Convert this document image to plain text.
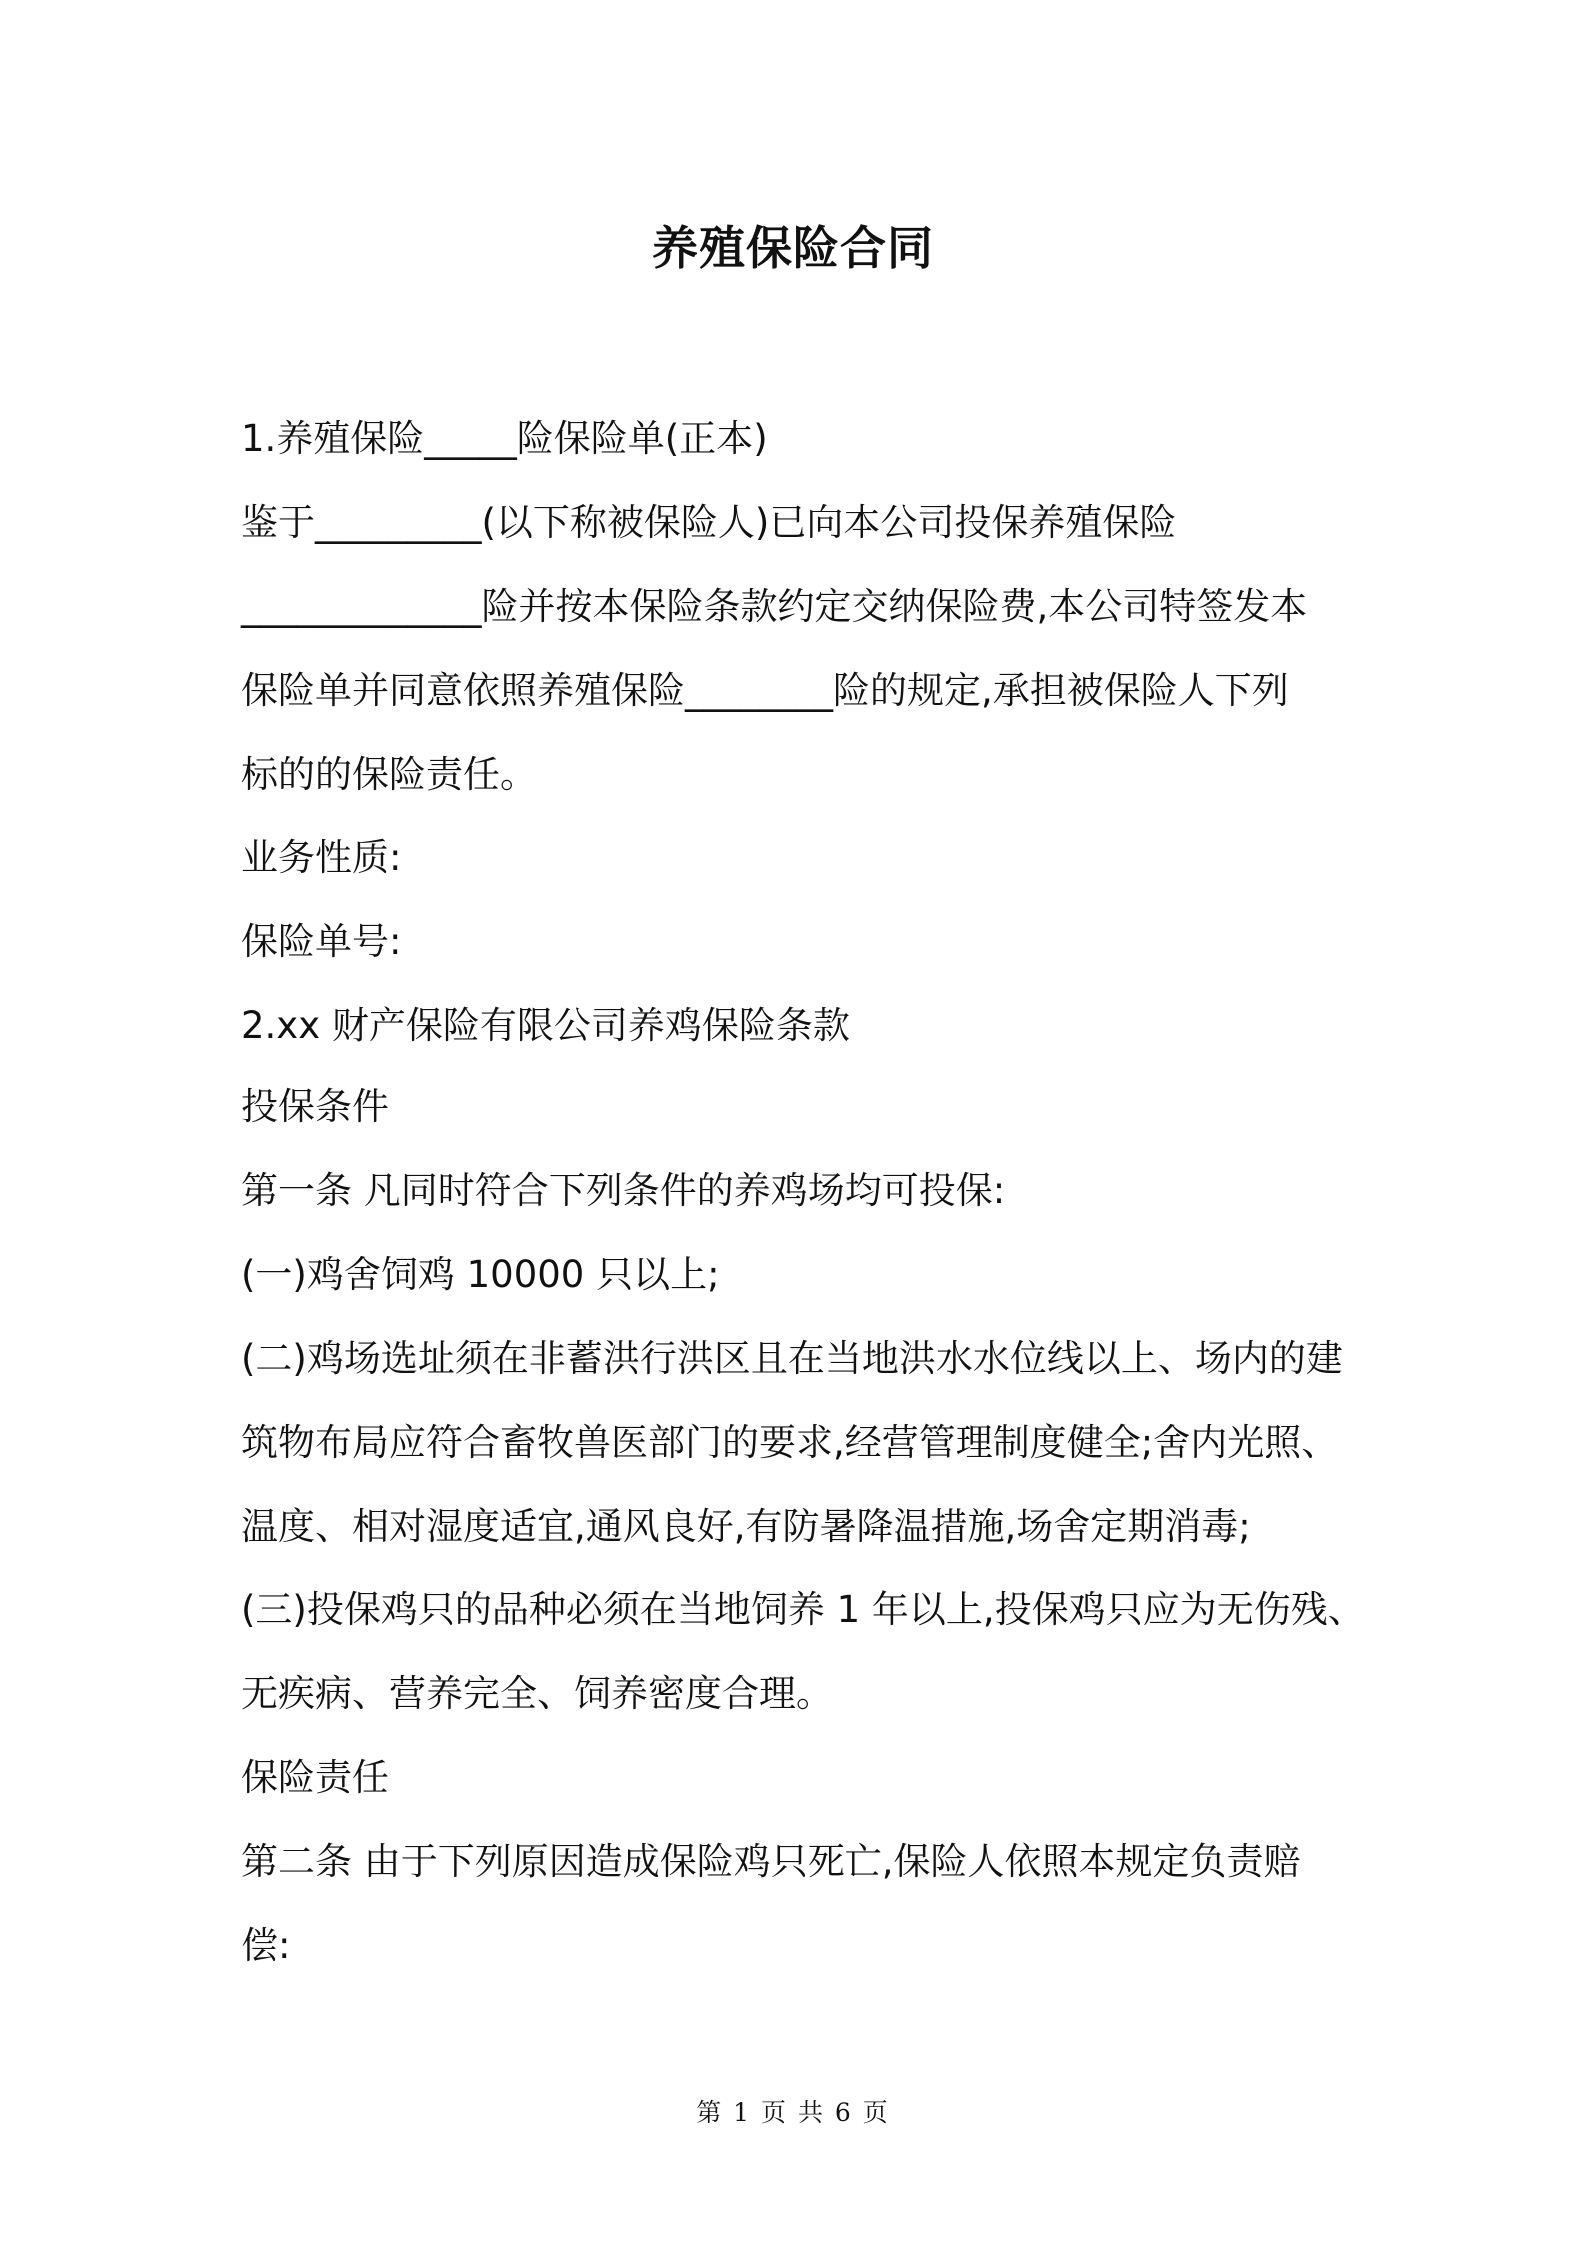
养殖保险合同
1.养殖保险_____险保险单(正本)
鉴于_________(以下称被保险人)已向本公司投保养殖保险
_____________险并按本保险条款约定交纳保险费,本公司特签发本
保险单并同意依照养殖保险________险的规定,承担被保险人下列
标的的保险责任。
业务性质:
保险单号:
2.xx 财产保险有限公司养鸡保险条款
投保条件
第一条 凡同时符合下列条件的养鸡场均可投保:
(一)鸡舍饲鸡 10000 只以上;
(二)鸡场选址须在非蓄洪行洪区且在当地洪水水位线以上、场内的建
筑物布局应符合畜牧兽医部门的要求,经营管理制度健全;舍内光照、
温度、相对湿度适宜,通风良好,有防暑降温措施,场舍定期消毒;
(三)投保鸡只的品种必须在当地饲养 1 年以上,投保鸡只应为无伤残、
无疾病、营养完全、饲养密度合理。
保险责任
第二条 由于下列原因造成保险鸡只死亡,保险人依照本规定负责赔
偿:
第 1 页 共 6 页
